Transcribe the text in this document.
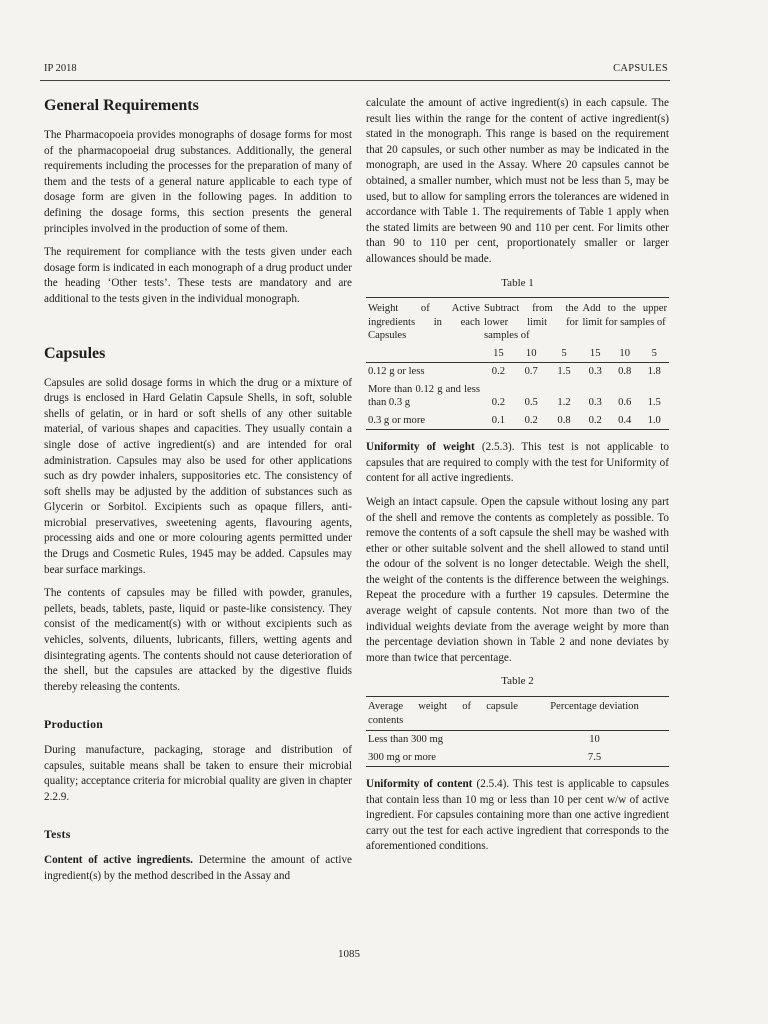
IP 2018	CAPSULES
General Requirements

The Pharmacopoeia provides monographs of dosage forms for most of the pharmacopoeial drug substances. Additionally, the general requirements including the processes for the preparation of many of them and the tests of a general nature applicable to each type of dosage form are given in the following pages. In addition to defining the dosage forms, this section presents the general principles involved in the production of some of them.

The requirement for compliance with the tests given under each dosage form is indicated in each monograph of a drug product under the heading ‘Other tests’. These tests are mandatory and are additional to the tests given in the individual monograph.

Capsules

Capsules are solid dosage forms in which the drug or a mixture of drugs is enclosed in Hard Gelatin Capsule Shells, in soft, soluble shells of gelatin, or in hard or soft shells of any other suitable material, of various shapes and capacities. They usually contain a single dose of active ingredient(s) and are intended for oral administration. Capsules may also be used for other applications such as dry powder inhalers, suppositories etc. The consistency of soft shells may be adjusted by the addition of substances such as Glycerin or Sorbitol. Excipients such as opaque fillers, anti-microbial preservatives, sweetening agents, flavouring agents, processing aids and one or more colouring agents permitted under the Drugs and Cosmetic Rules, 1945 may be added. Capsules may bear surface markings.

The contents of capsules may be filled with powder, granules, pellets, beads, tablets, paste, liquid or paste-like consistency. They consist of the medicament(s) with or without excipients such as vehicles, solvents, diluents, lubricants, fillers, wetting agents and disintegrating agents. The contents should not cause deterioration of the shell, but the capsules are attacked by the digestive fluids thereby releasing the contents.

Production

During manufacture, packaging, storage and distribution of capsules, suitable means shall be taken to ensure their microbial quality; acceptance criteria for microbial quality are given in chapter 2.2.9.

Tests

Content of active ingredients. Determine the amount of active ingredient(s) by the method described in the Assay and

calculate the amount of active ingredient(s) in each capsule. The result lies within the range for the content of active ingredient(s) stated in the monograph. This range is based on the requirement that 20 capsules, or such other number as may be indicated in the monograph, are used in the Assay. Where 20 capsules cannot be obtained, a smaller number, which must not be less than 5, may be used, but to allow for sampling errors the tolerances are widened in accordance with Table 1. The requirements of Table 1 apply when the stated limits are between 90 and 110 per cent. For limits other than 90 to 110 per cent, proportionately smaller or larger allowances should be made.

Table 1
Weight of Active ingredients in each Capsules	Subtract from the lower limit for samples of			Add to the upper limit for samples of		
	15	10	5	15	10	5
0.12 g or less	0.2	0.7	1.5	0.3	0.8	1.8
More than 0.12 g and less than 0.3 g	0.2	0.5	1.2	0.3	0.6	1.5
0.3 g or more	0.1	0.2	0.8	0.2	0.4	1.0

Uniformity of weight (2.5.3). This test is not applicable to capsules that are required to comply with the test for Uniformity of content for all active ingredients.

Weigh an intact capsule. Open the capsule without losing any part of the shell and remove the contents as completely as possible. To remove the contents of a soft capsule the shell may be washed with ether or other suitable solvent and the shell allowed to stand until the odour of the solvent is no longer detectable. Weigh the shell, the weight of the contents is the difference between the weighings. Repeat the procedure with a further 19 capsules. Determine the average weight of capsule contents. Not more than two of the individual weights deviate from the average weight by more than the percentage deviation shown in Table 2 and none deviates by more than twice that percentage.

Table 2
Average weight of capsule contents	Percentage deviation
Less than 300 mg	10
300 mg or more	7.5

Uniformity of content (2.5.4). This test is applicable to capsules that contain less than 10 mg or less than 10 per cent w/w of active ingredient. For capsules containing more than one active ingredient carry out the test for each active ingredient that corresponds to the aforementioned conditions.

1085
